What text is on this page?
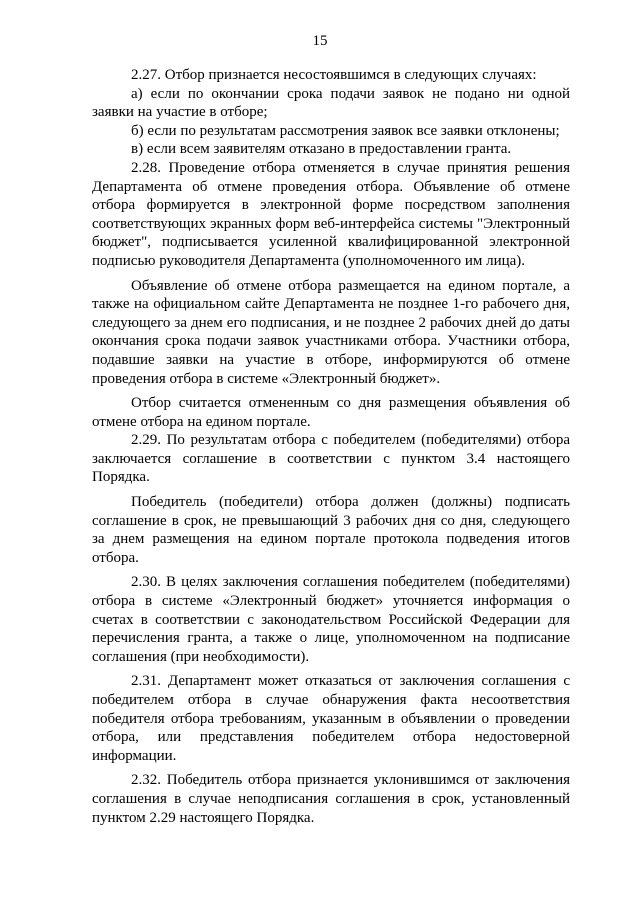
15

2.27. Отбор признается несостоявшимся в следующих случаях:

а) если по окончании срока подачи заявок не подано ни одной заявки на участие в отборе;

б) если по результатам рассмотрения заявок все заявки отклонены;

в) если всем заявителям отказано в предоставлении гранта.

2.28. Проведение отбора отменяется в случае принятия решения Департамента об отмене проведения отбора. Объявление об отмене отбора формируется в электронной форме посредством заполнения соответствующих экранных форм веб-интерфейса системы "Электронный бюджет", подписывается усиленной квалифицированной электронной подписью руководителя Департамента (уполномоченного им лица).

Объявление об отмене отбора размещается на едином портале, а также на официальном сайте Департамента не позднее 1-го рабочего дня, следующего за днем его подписания, и не позднее 2 рабочих дней до даты окончания срока подачи заявок участниками отбора. Участники отбора, подавшие заявки на участие в отборе, информируются об отмене проведения отбора в системе «Электронный бюджет».

Отбор считается отмененным со дня размещения объявления об отмене отбора на едином портале.

2.29. По результатам отбора с победителем (победителями) отбора заключается соглашение в соответствии с пунктом 3.4 настоящего Порядка.

Победитель (победители) отбора должен (должны) подписать соглашение в срок, не превышающий 3 рабочих дня со дня, следующего за днем размещения на едином портале протокола подведения итогов отбора.

2.30. В целях заключения соглашения победителем (победителями) отбора в системе «Электронный бюджет» уточняется информация о счетах в соответствии с законодательством Российской Федерации для перечисления гранта, а также о лице, уполномоченном на подписание соглашения (при необходимости).

2.31. Департамент может отказаться от заключения соглашения с победителем отбора в случае обнаружения факта несоответствия победителя отбора требованиям, указанным в объявлении о проведении отбора, или представления победителем отбора недостоверной информации.

2.32. Победитель отбора признается уклонившимся от заключения соглашения в случае неподписания соглашения в срок, установленный пунктом 2.29 настоящего Порядка.
